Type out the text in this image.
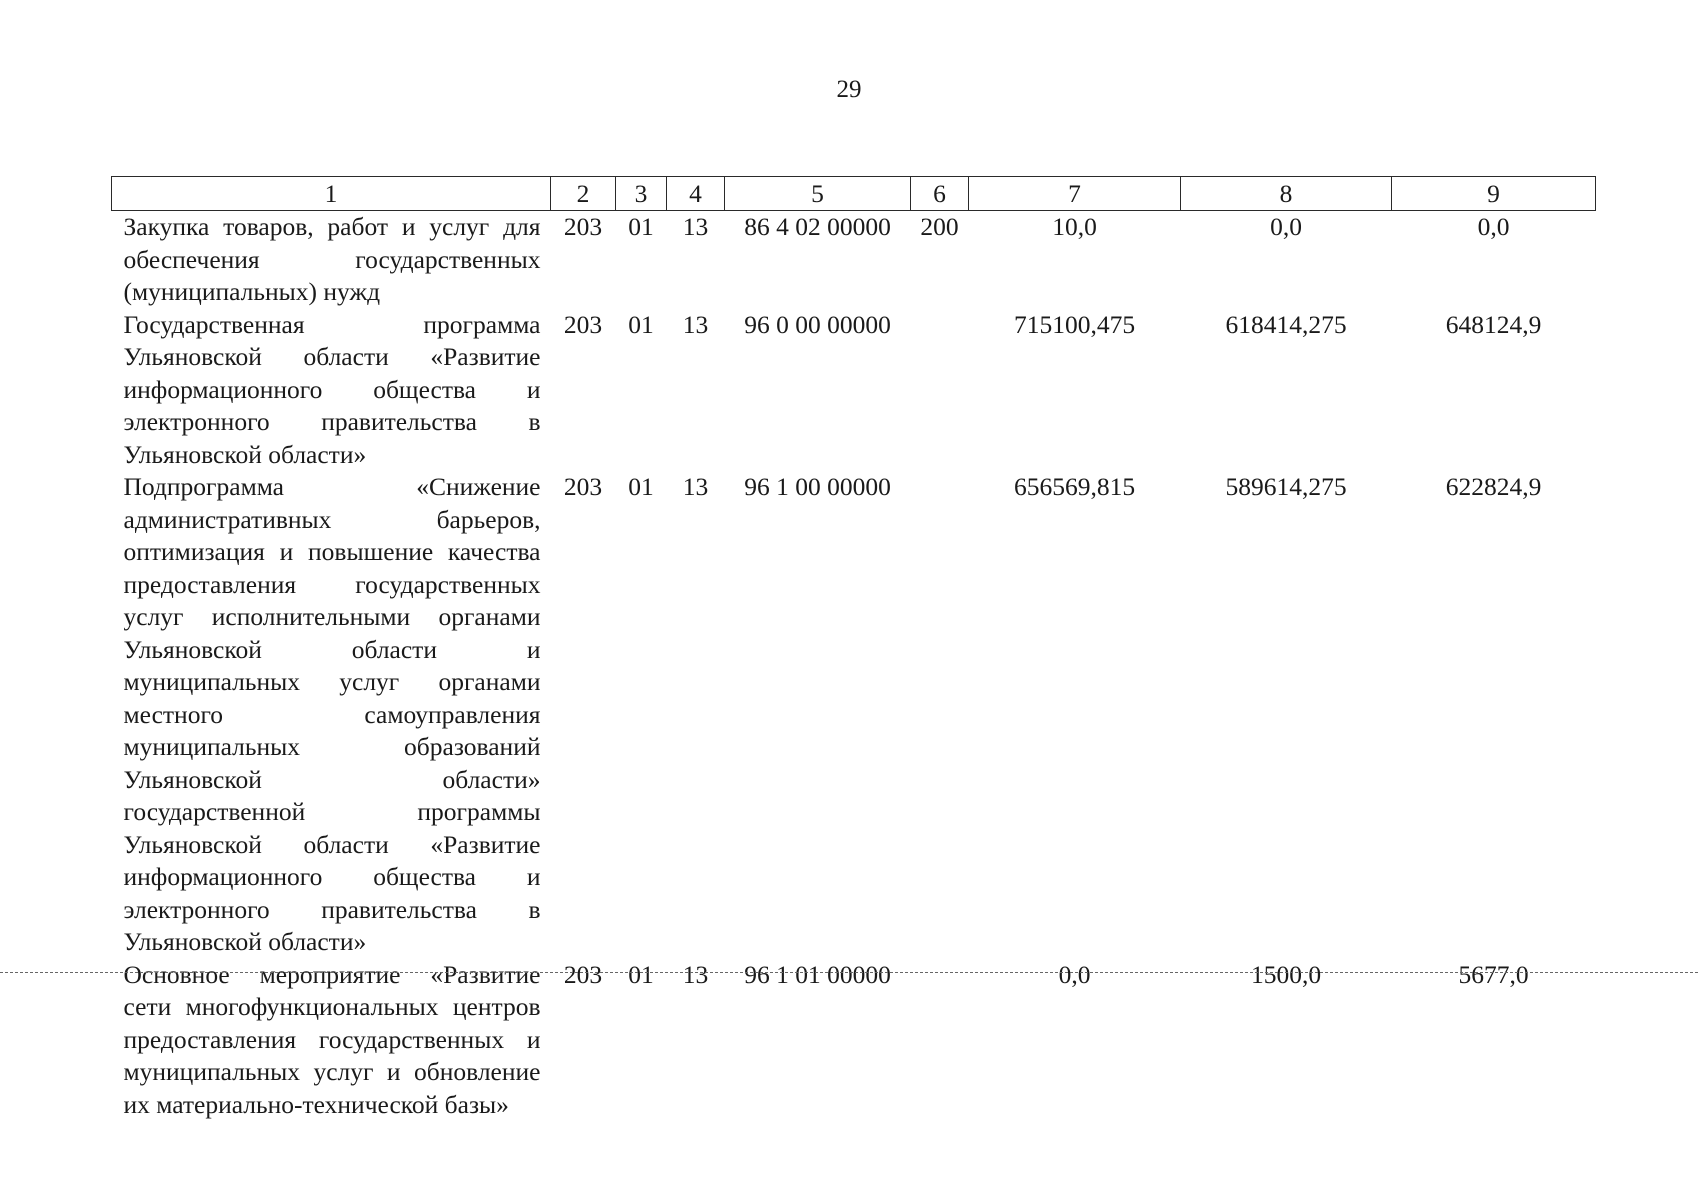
29
1	2	3	4	5	6	7	8	9
Закупка товаров, работ и услуг для обеспечения государственных (муниципальных) нужд	203	01	13	86 4 02 00000	200	10,0	0,0	0,0
Государственная программа Ульяновской области «Развитие информационного общества и электронного правительства в Ульяновской области»	203	01	13	96 0 00 00000		715100,475	618414,275	648124,9
Подпрограмма «Снижение административных барьеров, оптимизация и повышение качества предоставления государственных услуг исполнительными органами Ульяновской области и муниципальных услуг органами местного самоуправления муниципальных образований Ульяновской области» государственной программы Ульяновской области «Развитие информационного общества и электронного правительства в Ульяновской области»	203	01	13	96 1 00 00000		656569,815	589614,275	622824,9
Основное мероприятие «Развитие сети многофункциональных центров предоставления государственных и муниципальных услуг и обновление их материально-технической базы»	203	01	13	96 1 01 00000		0,0	1500,0	5677,0
